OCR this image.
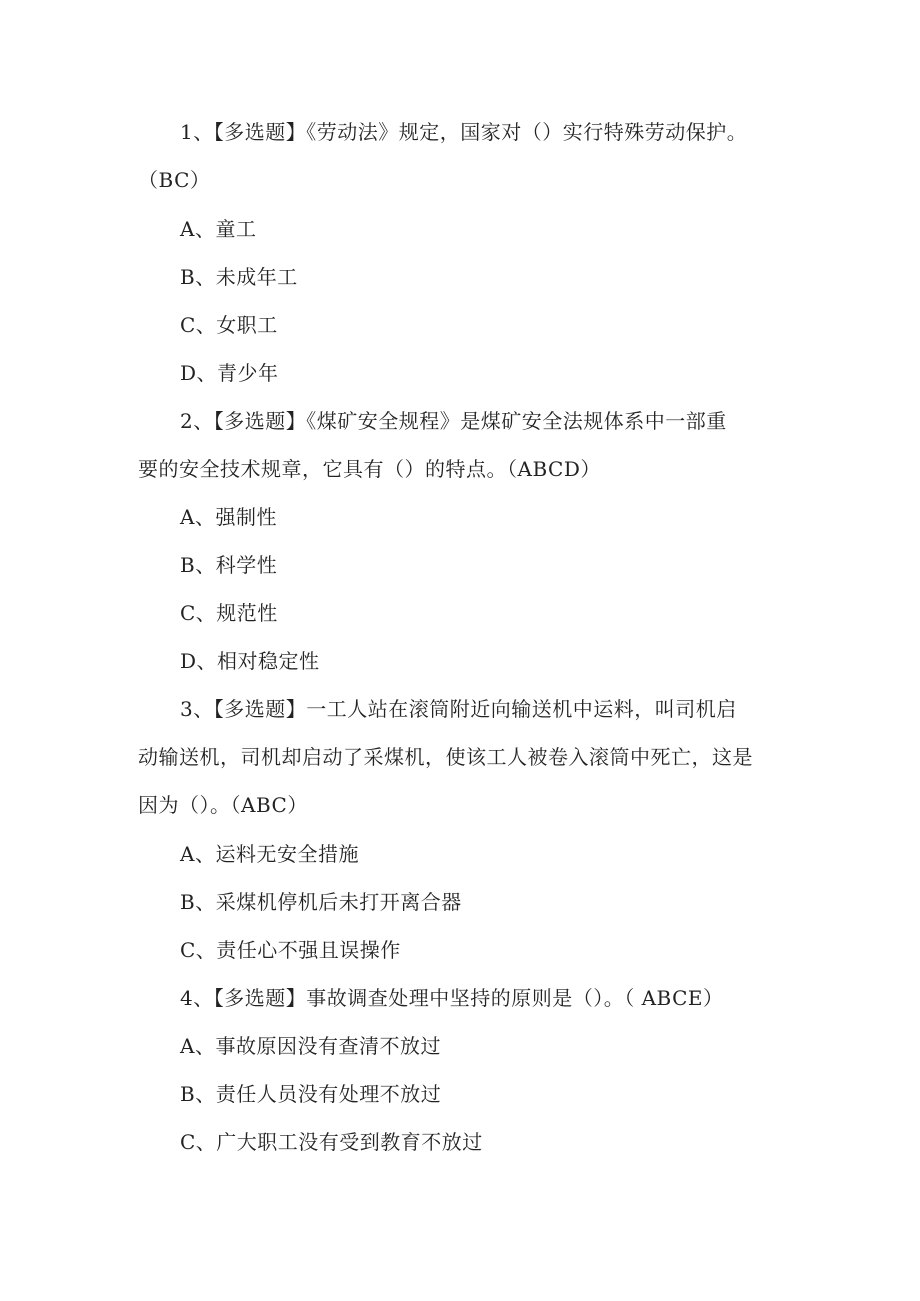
1、【多选题】《劳动法》规定，国家对（）实行特殊劳动保护。
（BC）
A、童工
B、未成年工
C、女职工
D、青少年
2、【多选题】《煤矿安全规程》是煤矿安全法规体系中一部重
要的安全技术规章，它具有（）的特点。（ABCD）
A、强制性
B、科学性
C、规范性
D、相对稳定性
3、【多选题】一工人站在滚筒附近向输送机中运料，叫司机启
动输送机，司机却启动了采煤机，使该工人被卷入滚筒中死亡，这是
因为（）。（ABC）
A、运料无安全措施
B、采煤机停机后未打开离合器
C、责任心不强且误操作
4、【多选题】事故调查处理中坚持的原则是（）。（ ABCE）
A、事故原因没有查清不放过
B、责任人员没有处理不放过
C、广大职工没有受到教育不放过
